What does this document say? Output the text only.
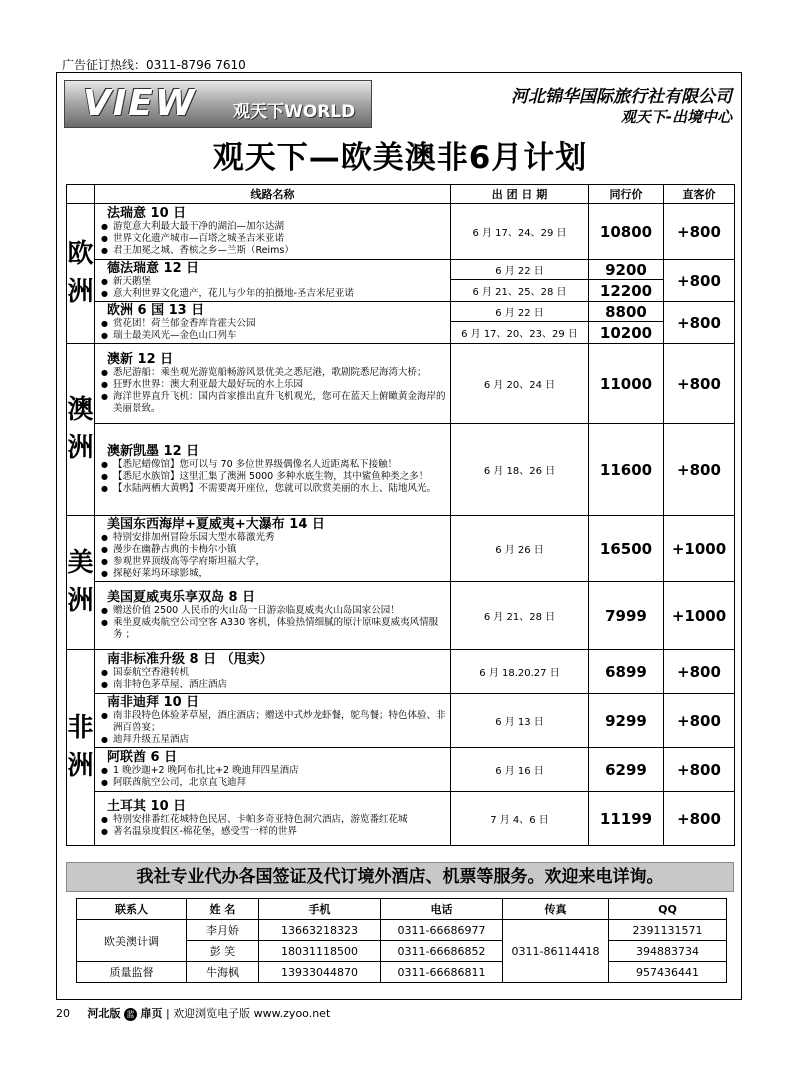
广告征订热线：0311-8796 7610
VIEW 观天下WORLD
河北锦华国际旅行社有限公司
观天下-出境中心
观天下—欧美澳非6月计划
	线路名称	出 团 日 期	同行价	直客价
欧洲	法瑞意 10 日
● 游览意大利最大最干净的湖泊—加尔达湖
● 世界文化遗产城市—百塔之城圣吉米亚诺
● 君王加冕之城、香槟之乡—兰斯（Reims）	6 月 17、24、29 日	10800	+800

	德法瑞意 12 日
● 新天鹅堡
● 意大利世界文化遗产，花儿与少年的拍摄地-圣吉米尼亚诺	6 月 22 日	9200	+800
		6 月 21、25、28 日	12200	

	欧洲 6 国 13 日
● 赏花团！荷兰郁金香库肯霍夫公园
● 瑞士最美风光—金色山口列车	6 月 22 日	8800	+800
		6 月 17、20、23、29 日	10200	
澳洲	澳新 12 日
● 悉尼游船：乘坐观光游览船畅游风景优美之悉尼港，歌剧院悉尼海湾大桥；
● 狂野水世界：澳大利亚最大最好玩的水上乐园
● 海洋世界直升飞机：国内首家推出直升飞机观光，您可在蓝天上俯瞰黄金海岸的美丽景致。	6 月 20、24 日	11000	+800

	澳新凯墨 12 日
● 【悉尼蜡像馆】您可以与 70 多位世界级偶像名人近距离私下接触！
● 【悉尼水族馆】这里汇集了澳洲 5000 多种水底生物，其中鲨鱼种类之多！
● 【水陆两栖大黄鸭】不需要离开座位，您就可以欣赏美丽的水上、陆地风光。	6 月 18、26 日	11600	+800
美洲	美国东西海岸+夏威夷+大瀑布 14 日
● 特别安排加州冒险乐园大型水幕激光秀
● 漫步在幽静古典的卡梅尔小镇
● 参观世界顶级高等学府斯坦福大学，
● 探秘好莱坞环球影城，	6 月 26 日	16500	+1000

	美国夏威夷乐享双岛 8 日
● 赠送价值 2500 人民币的火山岛一日游亲临夏威夷火山岛国家公园！
● 乘坐夏威夷航空公司空客 A330 客机，体验热情细腻的原汁原味夏威夷风情服务 ；	6 月 21、28 日	7999	+1000
非洲	南非标准升级 8 日 （甩卖）
● 国泰航空香港转机
● 南非特色茅草屋、酒庄酒店	6 月 18.20.27 日	6899	+800

	南非迪拜 10 日
● 南非段特色体验茅草屋，酒庄酒店；赠送中式炒龙虾餐，鸵鸟餐；特色体验、非洲百兽宴；
● 迪拜升级五星酒店	6 月 13 日	9299	+800

	阿联酋 6 日
● 1 晚沙迦+2 晚阿布扎比+2 晚迪拜四星酒店
● 阿联酋航空公司，北京直飞迪拜	6 月 16 日	6299	+800

	土耳其 10 日
● 特别安排番红花城特色民居、卡帕多奇亚特色洞穴酒店，游览番红花城
● 著名温泉度假区-棉花堡，感受雪一样的世界	7 月 4、6 日	11199	+800
我社专业代办各国签证及代订境外酒店、机票等服务。欢迎来电详询。
联系人	姓 名	手机	电话	传真	QQ
欧美澳计调	李月娇	13663218323	0311-66686977	0311-86114418	2391131571
	彭 笑	18031118500	0311-66686852		394883734
质量监督	牛海枫	13933044870	0311-66686811		957436441
20 河北版 蓝 扉页 | 欢迎浏览电子版 www.zyoo.net
